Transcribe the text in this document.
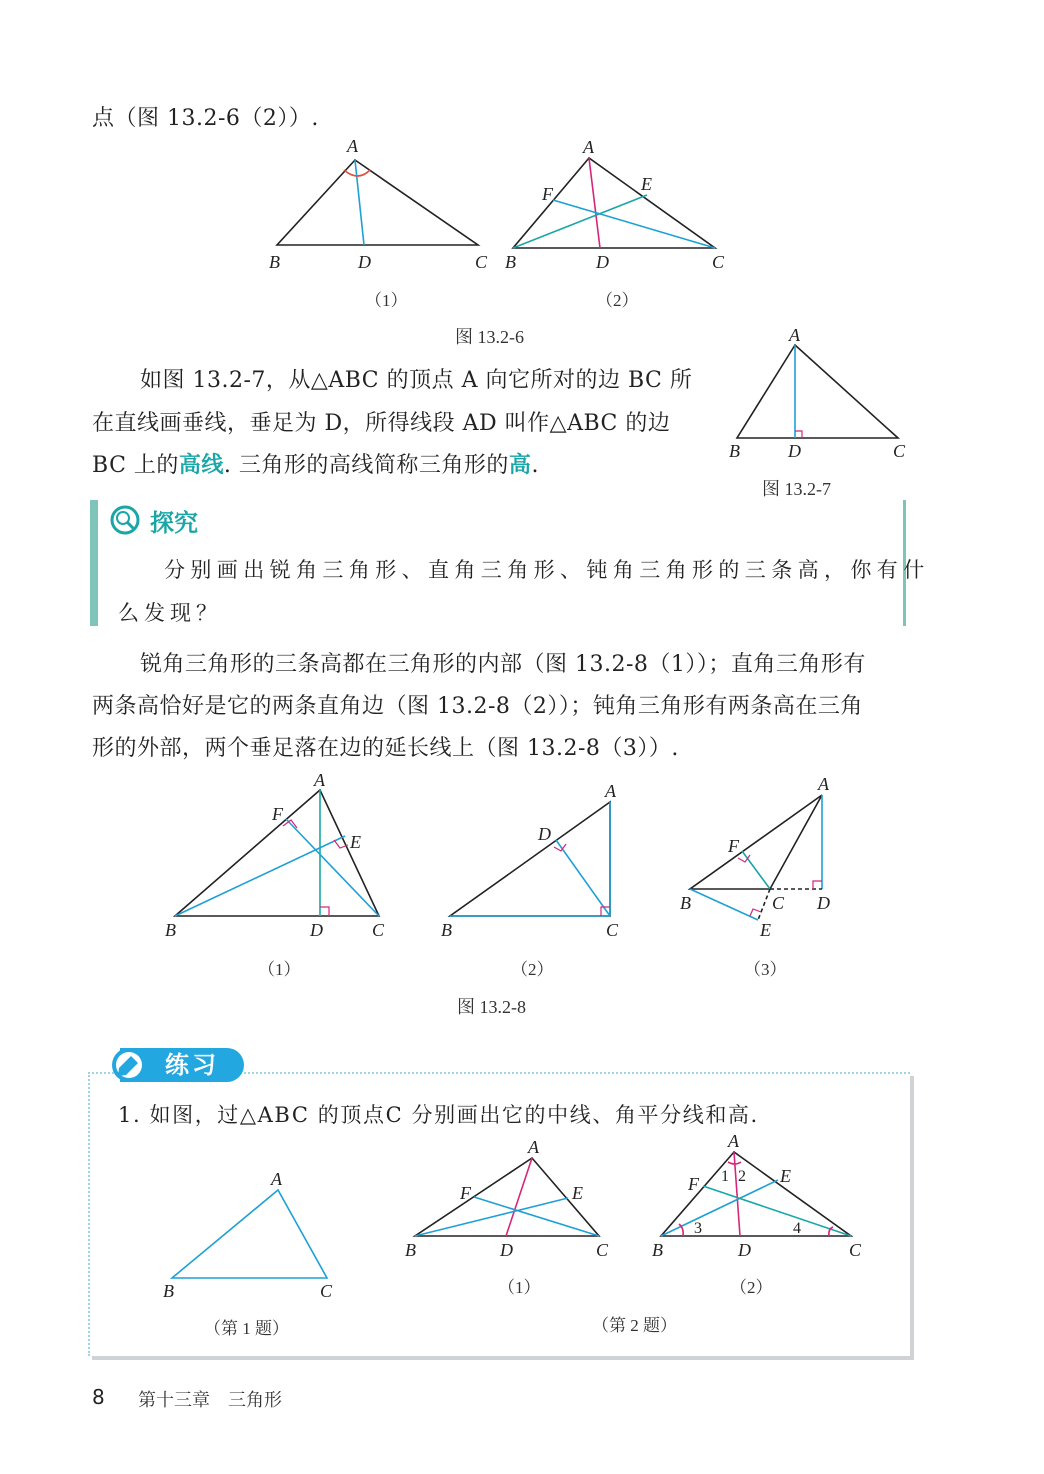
点（图 13.2-6（2））.
A
B	D	C
（1）
A
F	E
B	D	C
（2）
图 13.2-6
如图 13.2-7，从△ABC 的顶点 A 向它所对的边 BC 所
在直线画垂线，垂足为 D，所得线段 AD 叫作△ABC 的边
BC 上的高线. 三角形的高线简称三角形的高.
A
B	D	C
图 13.2-7
探究
分别画出锐角三角形、直角三角形、钝角三角形的三条高，你有什
么发现？
锐角三角形的三条高都在三角形的内部（图 13.2-8（1））；直角三角形有
两条高恰好是它的两条直角边（图 13.2-8（2））；钝角三角形有两条高在三角
形的外部，两个垂足落在边的延长线上（图 13.2-8（3））.
A
F
E
B	D	C
（1）
A
D
B	C
（2）
A
F
B	C D
E
（3）
图 13.2-8
练习
1. 如图，过△ABC 的顶点C 分别画出它的中线、角平分线和高.
A
B	C
（第 1 题）
A
F	E
B	D	C
（1）
A
F	E
B	D	C
1 2
3	4
（2）
（第 2 题）
8 第十三章　三角形
